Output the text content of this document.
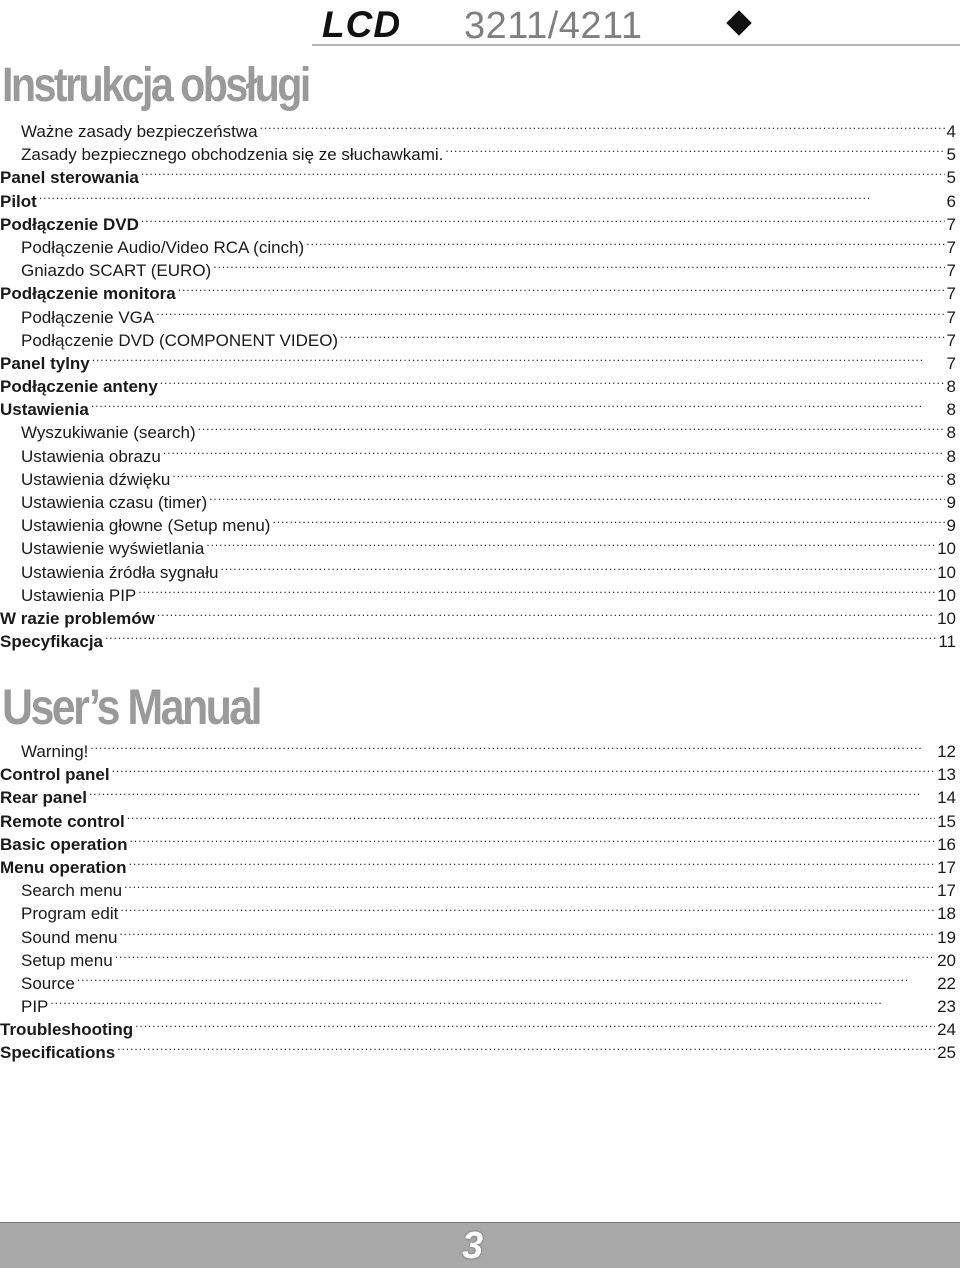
LCD 3211/4211
Instrukcja obsługi
Ważne zasady bezpieczeństwa . . .	4
Zasady bezpiecznego obchodzenia się ze słuchawkami. . . .	5
Panel sterowania . . .	5
Pilot . . .	6
Podłączenie DVD . . .	7
Podłączenie Audio/Video RCA (cinch) . . .	7
Gniazdo SCART (EURO) . . .	7
Podłączenie monitora . . .	7
Podłączenie VGA . . .	7
Podłączenie DVD (COMPONENT VIDEO) . . .	7
Panel tylny . . .	7
Podłączenie anteny . . .	8
Ustawienia . . .	8
Wyszukiwanie (search) . . .	8
Ustawienia obrazu . . .	8
Ustawienia dźwięku . . .	8
Ustawienia czasu (timer) . . .	9
Ustawienia głowne (Setup menu) . . .	9
Ustawienie wyświetlania . . .	10
Ustawienia źródła sygnału . . .	10
Ustawienia PIP . . .	10
W razie problemów . . .	10
Specyfikacja . . .	11
User’s Manual
Warning! . . .	12
Control panel . . .	13
Rear panel . . .	14
Remote control . . .	15
Basic operation . . .	16
Menu operation . . .	17
Search menu . . .	17
Program edit . . .	18
Sound menu . . .	19
Setup menu . . .	20
Source . . .	22
PIP . . .	23
Troubleshooting . . .	24
Specifications . . .	25
3
